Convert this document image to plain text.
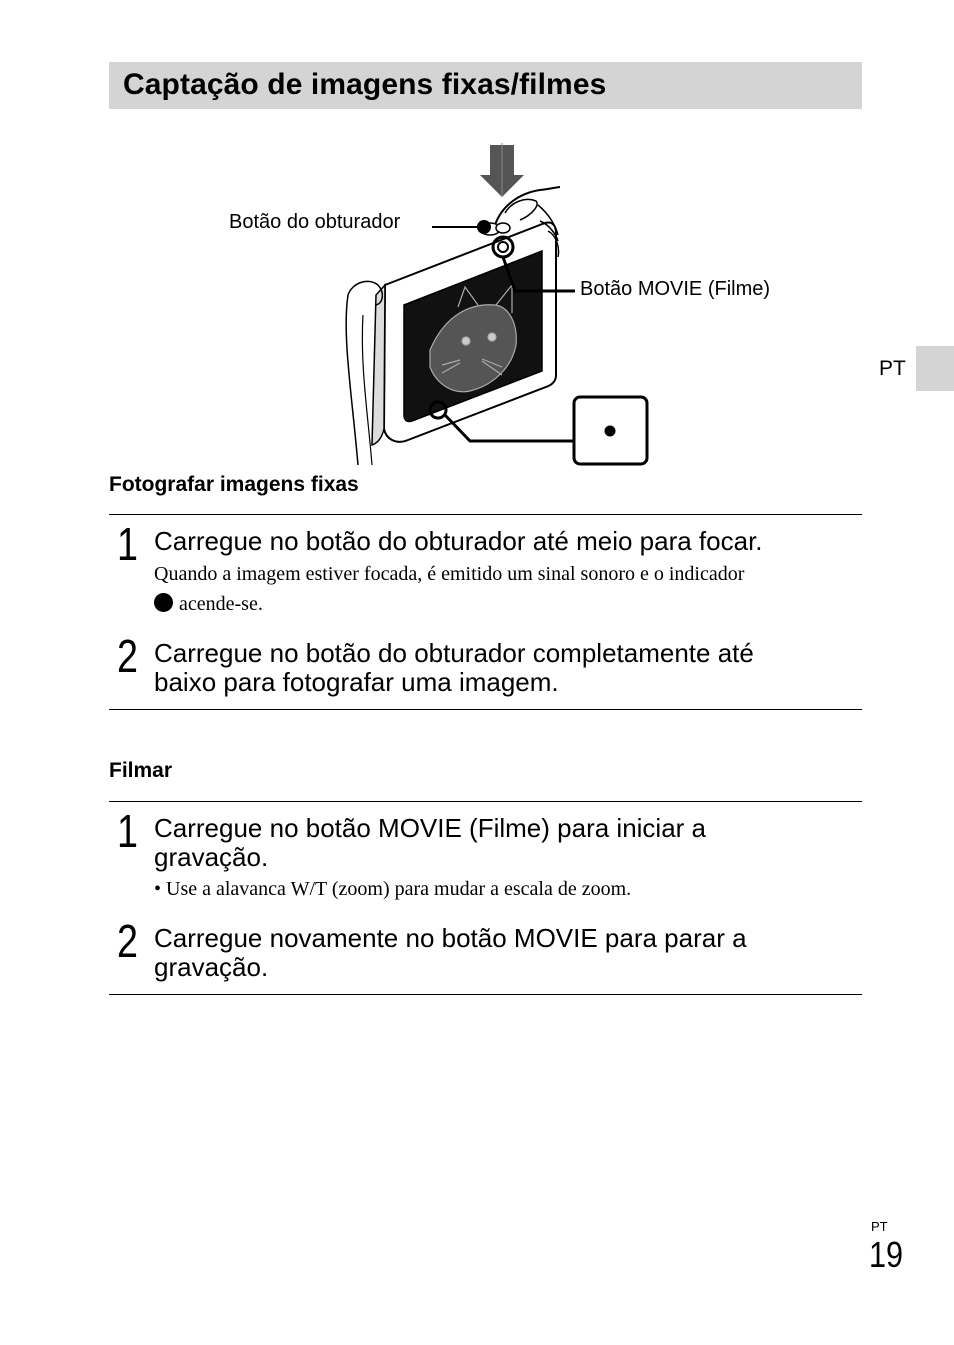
Captação de imagens fixas/filmes
PT
Botão do obturador
Botão MOVIE (Filme)
Fotografar imagens fixas
1 Carregue no botão do obturador até meio para focar.
Quando a imagem estiver focada, é emitido um sinal sonoro e o indicador
acende-se.
2 Carregue no botão do obturador completamente até
baixo para fotografar uma imagem.
Filmar
1 Carregue no botão MOVIE (Filme) para iniciar a
gravação.
• Use a alavanca W/T (zoom) para mudar a escala de zoom.
2 Carregue novamente no botão MOVIE para parar a
gravação.
PT
19
